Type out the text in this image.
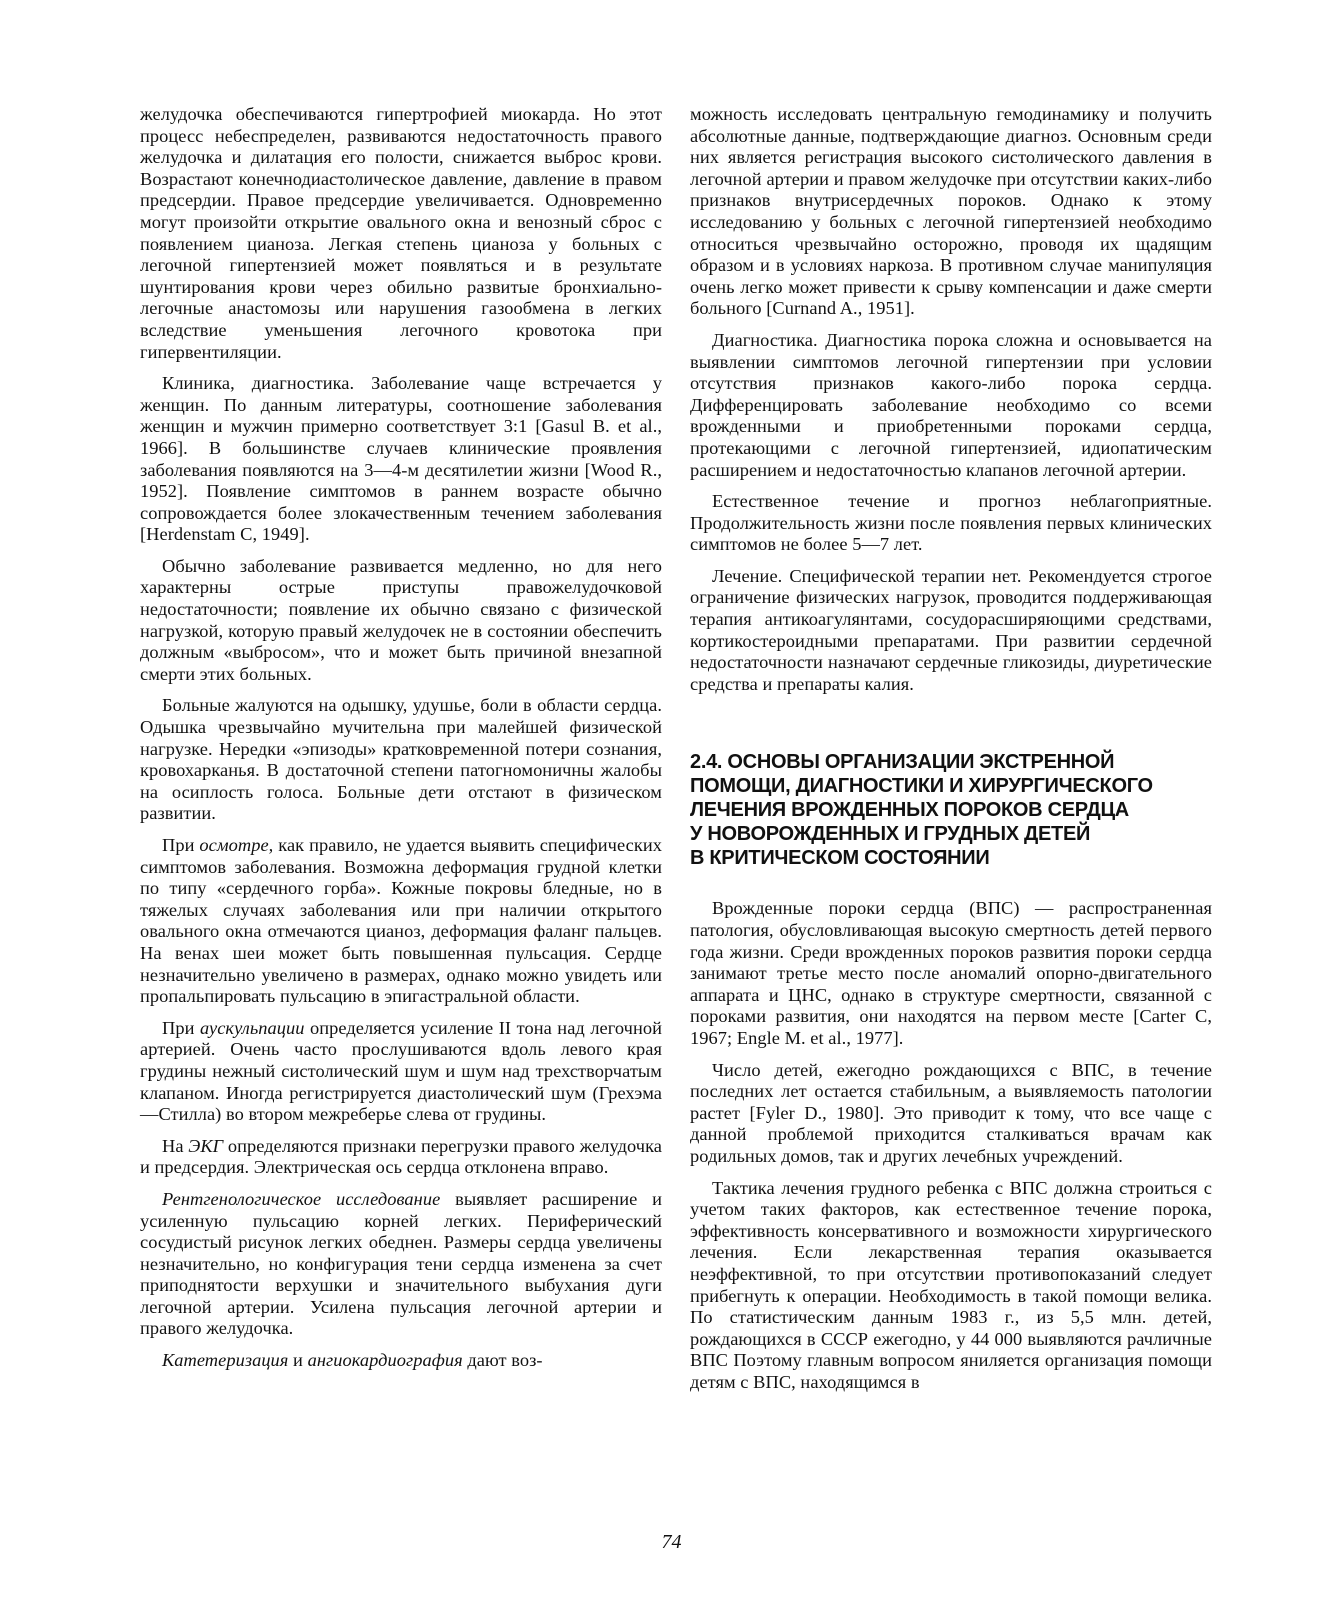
желудочка обеспечиваются гипертрофией миокарда. Но этот процесс небеспределен, развиваются недостаточность правого желудочка и дилатация его полости, снижается выброс крови. Возрастают конечнодиастолическое давление, давление в правом предсердии. Правое предсердие увеличивается. Одновременно могут произойти открытие овального окна и венозный сброс с появлением цианоза. Легкая степень цианоза у больных с легочной гипертензией может появляться и в результате шунтирования крови через обильно развитые бронхиально-легочные анастомозы или нарушения газообмена в легких вследствие уменьшения легочного кровотока при гипервентиляции.

Клиника, диагностика. Заболевание чаще встречается у женщин. По данным литературы, соотношение заболевания женщин и мужчин примерно соответствует 3:1 [Gasul B. et al., 1966]. В большинстве случаев клинические проявления заболевания появляются на 3—4-м десятилетии жизни [Wood R., 1952]. Появление симптомов в раннем возрасте обычно сопровождается более злокачественным течением заболевания [Herdenstam C, 1949].

Обычно заболевание развивается медленно, но для него характерны острые приступы правожелудочковой недостаточности; появление их обычно связано с физической нагрузкой, которую правый желудочек не в состоянии обеспечить должным «выбросом», что и может быть причиной внезапной смерти этих больных.

Больные жалуются на одышку, удушье, боли в области сердца. Одышка чрезвычайно мучительна при малейшей физической нагрузке. Нередки «эпизоды» кратковременной потери сознания, кровохарканья. В достаточной степени патогномоничны жалобы на осиплость голоса. Больные дети отстают в физическом развитии.

При осмотре, как правило, не удается выявить специфических симптомов заболевания. Возможна деформация грудной клетки по типу «сердечного горба». Кожные покровы бледные, но в тяжелых случаях заболевания или при наличии открытого овального окна отмечаются цианоз, деформация фаланг пальцев. На венах шеи может быть повышенная пульсация. Сердце незначительно увеличено в размерах, однако можно увидеть или пропальпировать пульсацию в эпигастральной области.

При аускульпации определяется усиление II тона над легочной артерией. Очень часто прослушиваются вдоль левого края грудины нежный систолический шум и шум над трехстворчатым клапаном. Иногда регистрируется диастолический шум (Грехэма—Стилла) во втором межреберье слева от грудины.

На ЭКГ определяются признаки перегрузки правого желудочка и предсердия. Электрическая ось сердца отклонена вправо.

Рентгенологическое исследование выявляет расширение и усиленную пульсацию корней легких. Периферический сосудистый рисунок легких обеднен. Размеры сердца увеличены незначительно, но конфигурация тени сердца изменена за счет приподнятости верхушки и значительного выбухания дуги легочной артерии. Усилена пульсация легочной артерии и правого желудочка.

Катетеризация и ангиокардиография дают воз-

можность исследовать центральную гемодинамику и получить абсолютные данные, подтверждающие диагноз. Основным среди них является регистрация высокого систолического давления в легочной артерии и правом желудочке при отсутствии каких-либо признаков внутрисердечных пороков. Однако к этому исследованию у больных с легочной гипертензией необходимо относиться чрезвычайно осторожно, проводя их щадящим образом и в условиях наркоза. В противном случае манипуляция очень легко может привести к срыву компенсации и даже смерти больного [Curnand A., 1951].

Диагностика. Диагностика порока сложна и основывается на выявлении симптомов легочной гипертензии при условии отсутствия признаков какого-либо порока сердца. Дифференцировать заболевание необходимо со всеми врожденными и приобретенными пороками сердца, протекающими с легочной гипертензией, идиопатическим расширением и недостаточностью клапанов легочной артерии.

Естественное течение и прогноз неблагоприятные. Продолжительность жизни после появления первых клинических симптомов не более 5—7 лет.

Лечение. Специфической терапии нет. Рекомендуется строгое ограничение физических нагрузок, проводится поддерживающая терапия антикоагулянтами, сосудорасширяющими средствами, кортикостероидными препаратами. При развитии сердечной недостаточности назначают сердечные гликозиды, диуретические средства и препараты калия.

2.4. ОСНОВЫ ОРГАНИЗАЦИИ ЭКСТРЕННОЙ
ПОМОЩИ, ДИАГНОСТИКИ И ХИРУРГИЧЕСКОГО
ЛЕЧЕНИЯ ВРОЖДЕННЫХ ПОРОКОВ СЕРДЦА
У НОВОРОЖДЕННЫХ И ГРУДНЫХ ДЕТЕЙ
В КРИТИЧЕСКОМ СОСТОЯНИИ

Врожденные пороки сердца (ВПС) — распространенная патология, обусловливающая высокую смертность детей первого года жизни. Среди врожденных пороков развития пороки сердца занимают третье место после аномалий опорно-двигательного аппарата и ЦНС, однако в структуре смертности, связанной с пороками развития, они находятся на первом месте [Carter C, 1967; Engle M. et al., 1977].

Число детей, ежегодно рождающихся с ВПС, в течение последних лет остается стабильным, а выявляемость патологии растет [Fyler D., 1980]. Это приводит к тому, что все чаще с данной проблемой приходится сталкиваться врачам как родильных домов, так и других лечебных учреждений.

Тактика лечения грудного ребенка с ВПС должна строиться с учетом таких факторов, как естественное течение порока, эффективность консервативного и возможности хирургического лечения. Если лекарственная терапия оказывается неэффективной, то при отсутствии противопоказаний следует прибегнуть к операции. Необходимость в такой помощи велика. По статистическим данным 1983 г., из 5,5 млн. детей, рождающихся в СССР ежегодно, у 44 000 выявляются рачличные ВПС Поэтому главным вопросом яниляется организация помощи детям с ВПС, находящимся в

74
